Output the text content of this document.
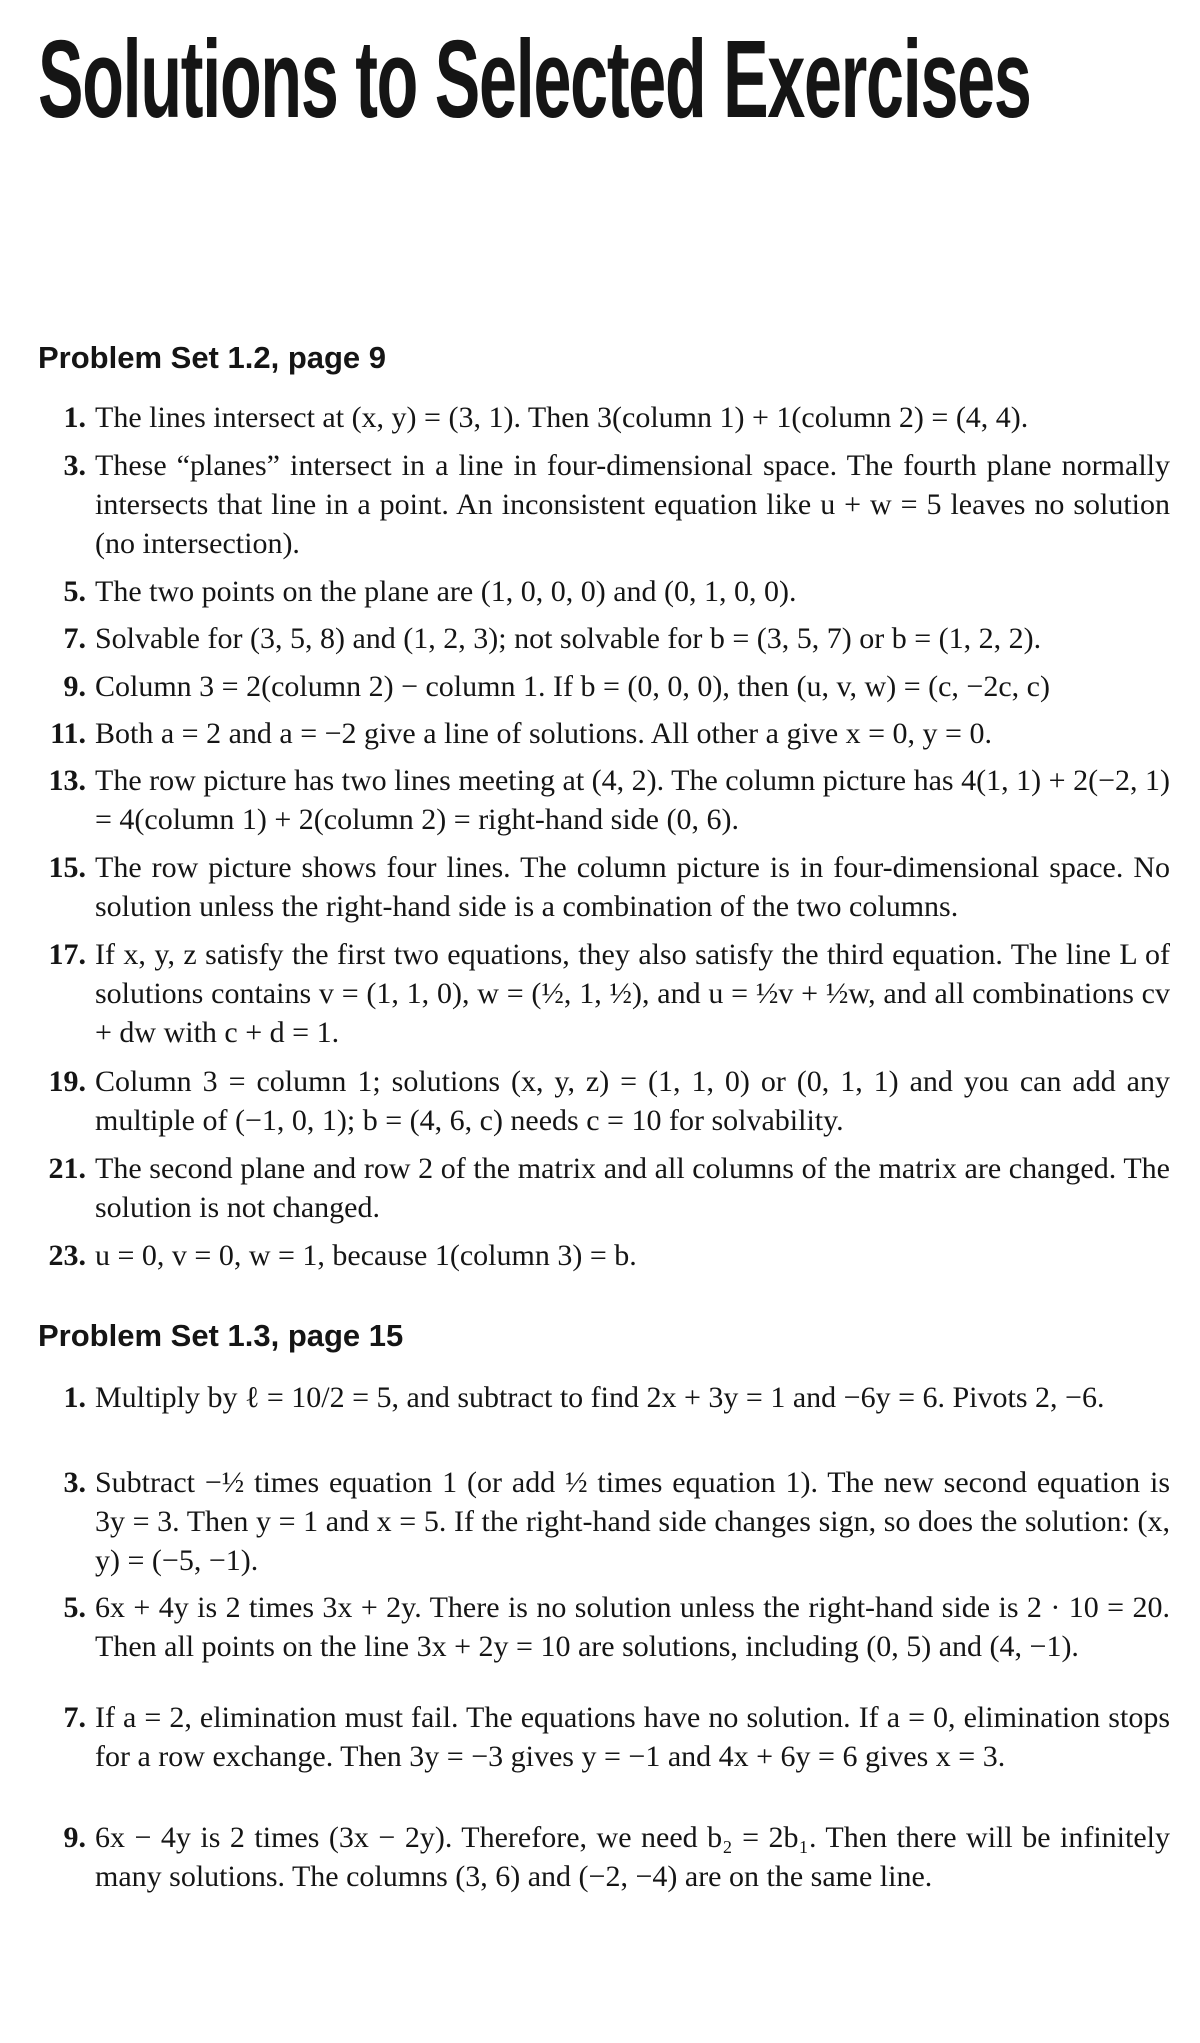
Solutions to Selected Exercises
Problem Set 1.2, page 9
1. The lines intersect at (x, y) = (3, 1). Then 3(column 1) + 1(column 2) = (4, 4).

3. These “planes” intersect in a line in four-dimensional space. The fourth plane normally intersects that line in a point. An inconsistent equation like u + w = 5 leaves no solution (no intersection).

5. The two points on the plane are (1, 0, 0, 0) and (0, 1, 0, 0).

7. Solvable for (3, 5, 8) and (1, 2, 3); not solvable for b = (3, 5, 7) or b = (1, 2, 2).

9. Column 3 = 2(column 2) − column 1. If b = (0, 0, 0), then (u, v, w) = (c, −2c, c)

11. Both a = 2 and a = −2 give a line of solutions. All other a give x = 0, y = 0.

13. The row picture has two lines meeting at (4, 2). The column picture has 4(1, 1) + 2(−2, 1) = 4(column 1) + 2(column 2) = right-hand side (0, 6).

15. The row picture shows four lines. The column picture is in four-dimensional space. No solution unless the right-hand side is a combination of the two columns.

17. If x, y, z satisfy the first two equations, they also satisfy the third equation. The line L of solutions contains v = (1, 1, 0), w = (½, 1, ½), and u = ½v + ½w, and all combinations cv + dw with c + d = 1.

19. Column 3 = column 1; solutions (x, y, z) = (1, 1, 0) or (0, 1, 1) and you can add any multiple of (−1, 0, 1); b = (4, 6, c) needs c = 10 for solvability.

21. The second plane and row 2 of the matrix and all columns of the matrix are changed. The solution is not changed.

23. u = 0, v = 0, w = 1, because 1(column 3) = b.

Problem Set 1.3, page 15
1. Multiply by ℓ = 10/2 = 5, and subtract to find 2x + 3y = 1 and −6y = 6. Pivots 2, −6.

3. Subtract −½ times equation 1 (or add ½ times equation 1). The new second equation is 3y = 3. Then y = 1 and x = 5. If the right-hand side changes sign, so does the solution: (x, y) = (−5, −1).

5. 6x + 4y is 2 times 3x + 2y. There is no solution unless the right-hand side is 2 · 10 = 20. Then all points on the line 3x + 2y = 10 are solutions, including (0, 5) and (4, −1).

7. If a = 2, elimination must fail. The equations have no solution. If a = 0, elimination stops for a row exchange. Then 3y = −3 gives y = −1 and 4x + 6y = 6 gives x = 3.

9. 6x − 4y is 2 times (3x − 2y). Therefore, we need b₂ = 2b₁. Then there will be infinitely many solutions. The columns (3, 6) and (−2, −4) are on the same line.
